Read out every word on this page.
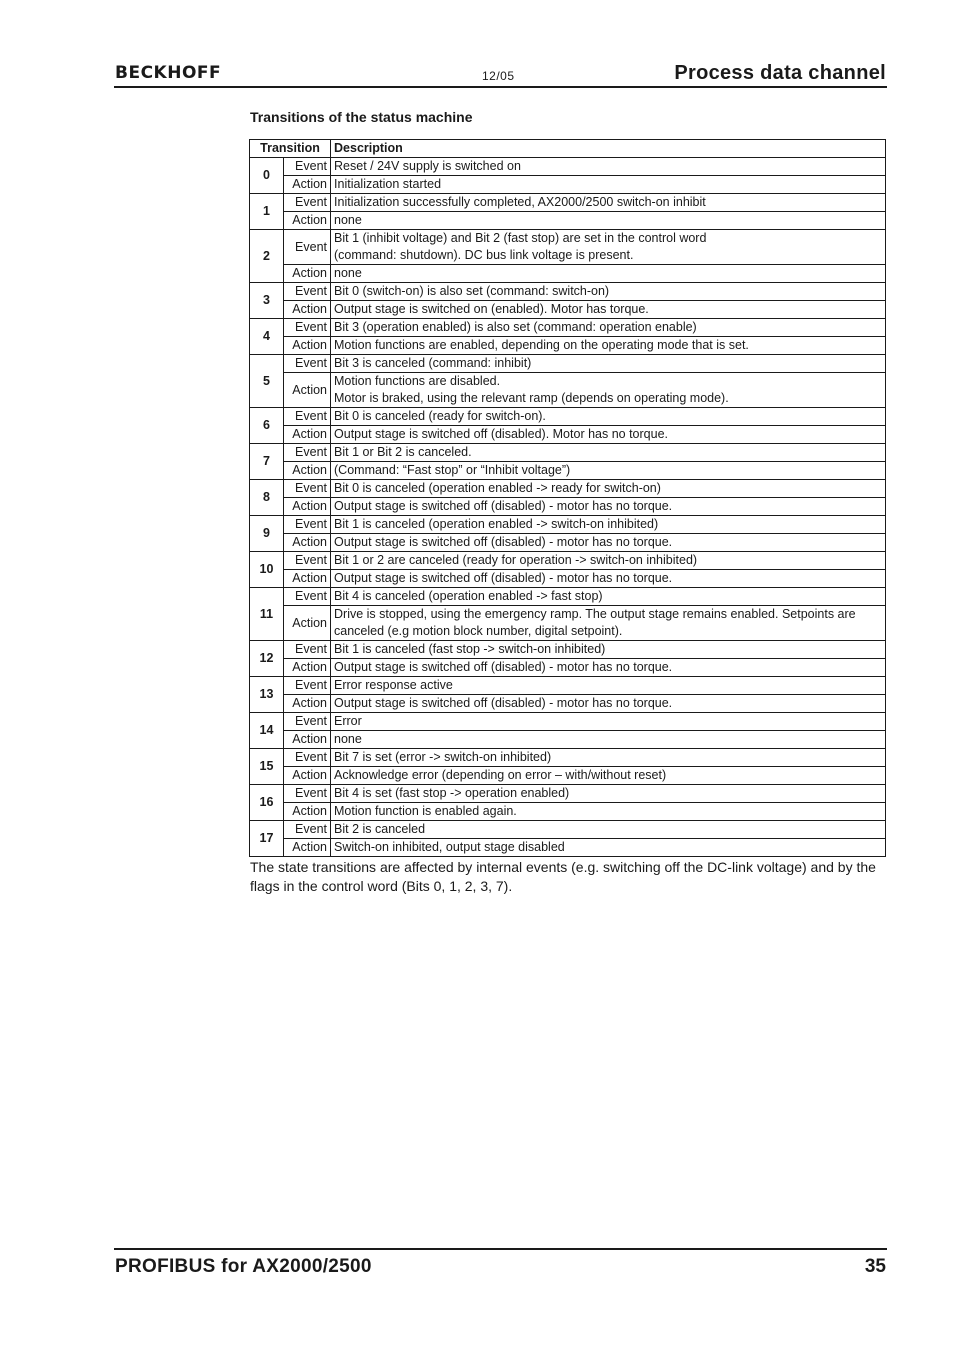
BECKHOFF	12/05	Process data channel
Transitions of the status machine
Transition		Description
0	Event	Reset / 24V supply is switched on
	Action	Initialization started
1	Event	Initialization successfully completed, AX2000/2500 switch-on inhibit
	Action	none
2	Event	Bit 1 (inhibit voltage) and Bit 2 (fast stop) are set in the control word
(command: shutdown). DC bus link voltage is present.
	Action	none
3	Event	Bit 0 (switch-on) is also set (command: switch-on)
	Action	Output stage is switched on (enabled). Motor has torque.
4	Event	Bit 3 (operation enabled) is also set (command: operation enable)
	Action	Motion functions are enabled, depending on the operating mode that is set.
5	Event	Bit 3 is canceled (command: inhibit)
	Action	Motion functions are disabled.
Motor is braked, using the relevant ramp (depends on operating mode).
6	Event	Bit 0 is canceled (ready for switch-on).
	Action	Output stage is switched off (disabled). Motor has no torque.
7	Event	Bit 1 or Bit 2 is canceled.
	Action	(Command: “Fast stop” or “Inhibit voltage”)
8	Event	Bit 0 is canceled (operation enabled -> ready for switch-on)
	Action	Output stage is switched off (disabled) - motor has no torque.
9	Event	Bit 1 is canceled (operation enabled -> switch-on inhibited)
	Action	Output stage is switched off (disabled) - motor has no torque.
10	Event	Bit 1 or 2 are canceled (ready for operation -> switch-on inhibited)
	Action	Output stage is switched off (disabled) - motor has no torque.
11	Event	Bit 4 is canceled (operation enabled -> fast stop)
	Action	Drive is stopped, using the emergency ramp. The output stage remains enabled. Setpoints are canceled (e.g motion block number, digital setpoint).
12	Event	Bit 1 is canceled (fast stop -> switch-on inhibited)
	Action	Output stage is switched off (disabled) - motor has no torque.
13	Event	Error response active
	Action	Output stage is switched off (disabled) - motor has no torque.
14	Event	Error
	Action	none
15	Event	Bit 7 is set (error -> switch-on inhibited)
	Action	Acknowledge error (depending on error – with/without reset)
16	Event	Bit 4 is set (fast stop -> operation enabled)
	Action	Motion function is enabled again.
17	Event	Bit 2 is canceled
	Action	Switch-on inhibited, output stage disabled
The state transitions are affected by internal events (e.g. switching off the DC-link voltage) and by the flags in the control word (Bits 0, 1, 2, 3, 7).
PROFIBUS for AX2000/2500	35
